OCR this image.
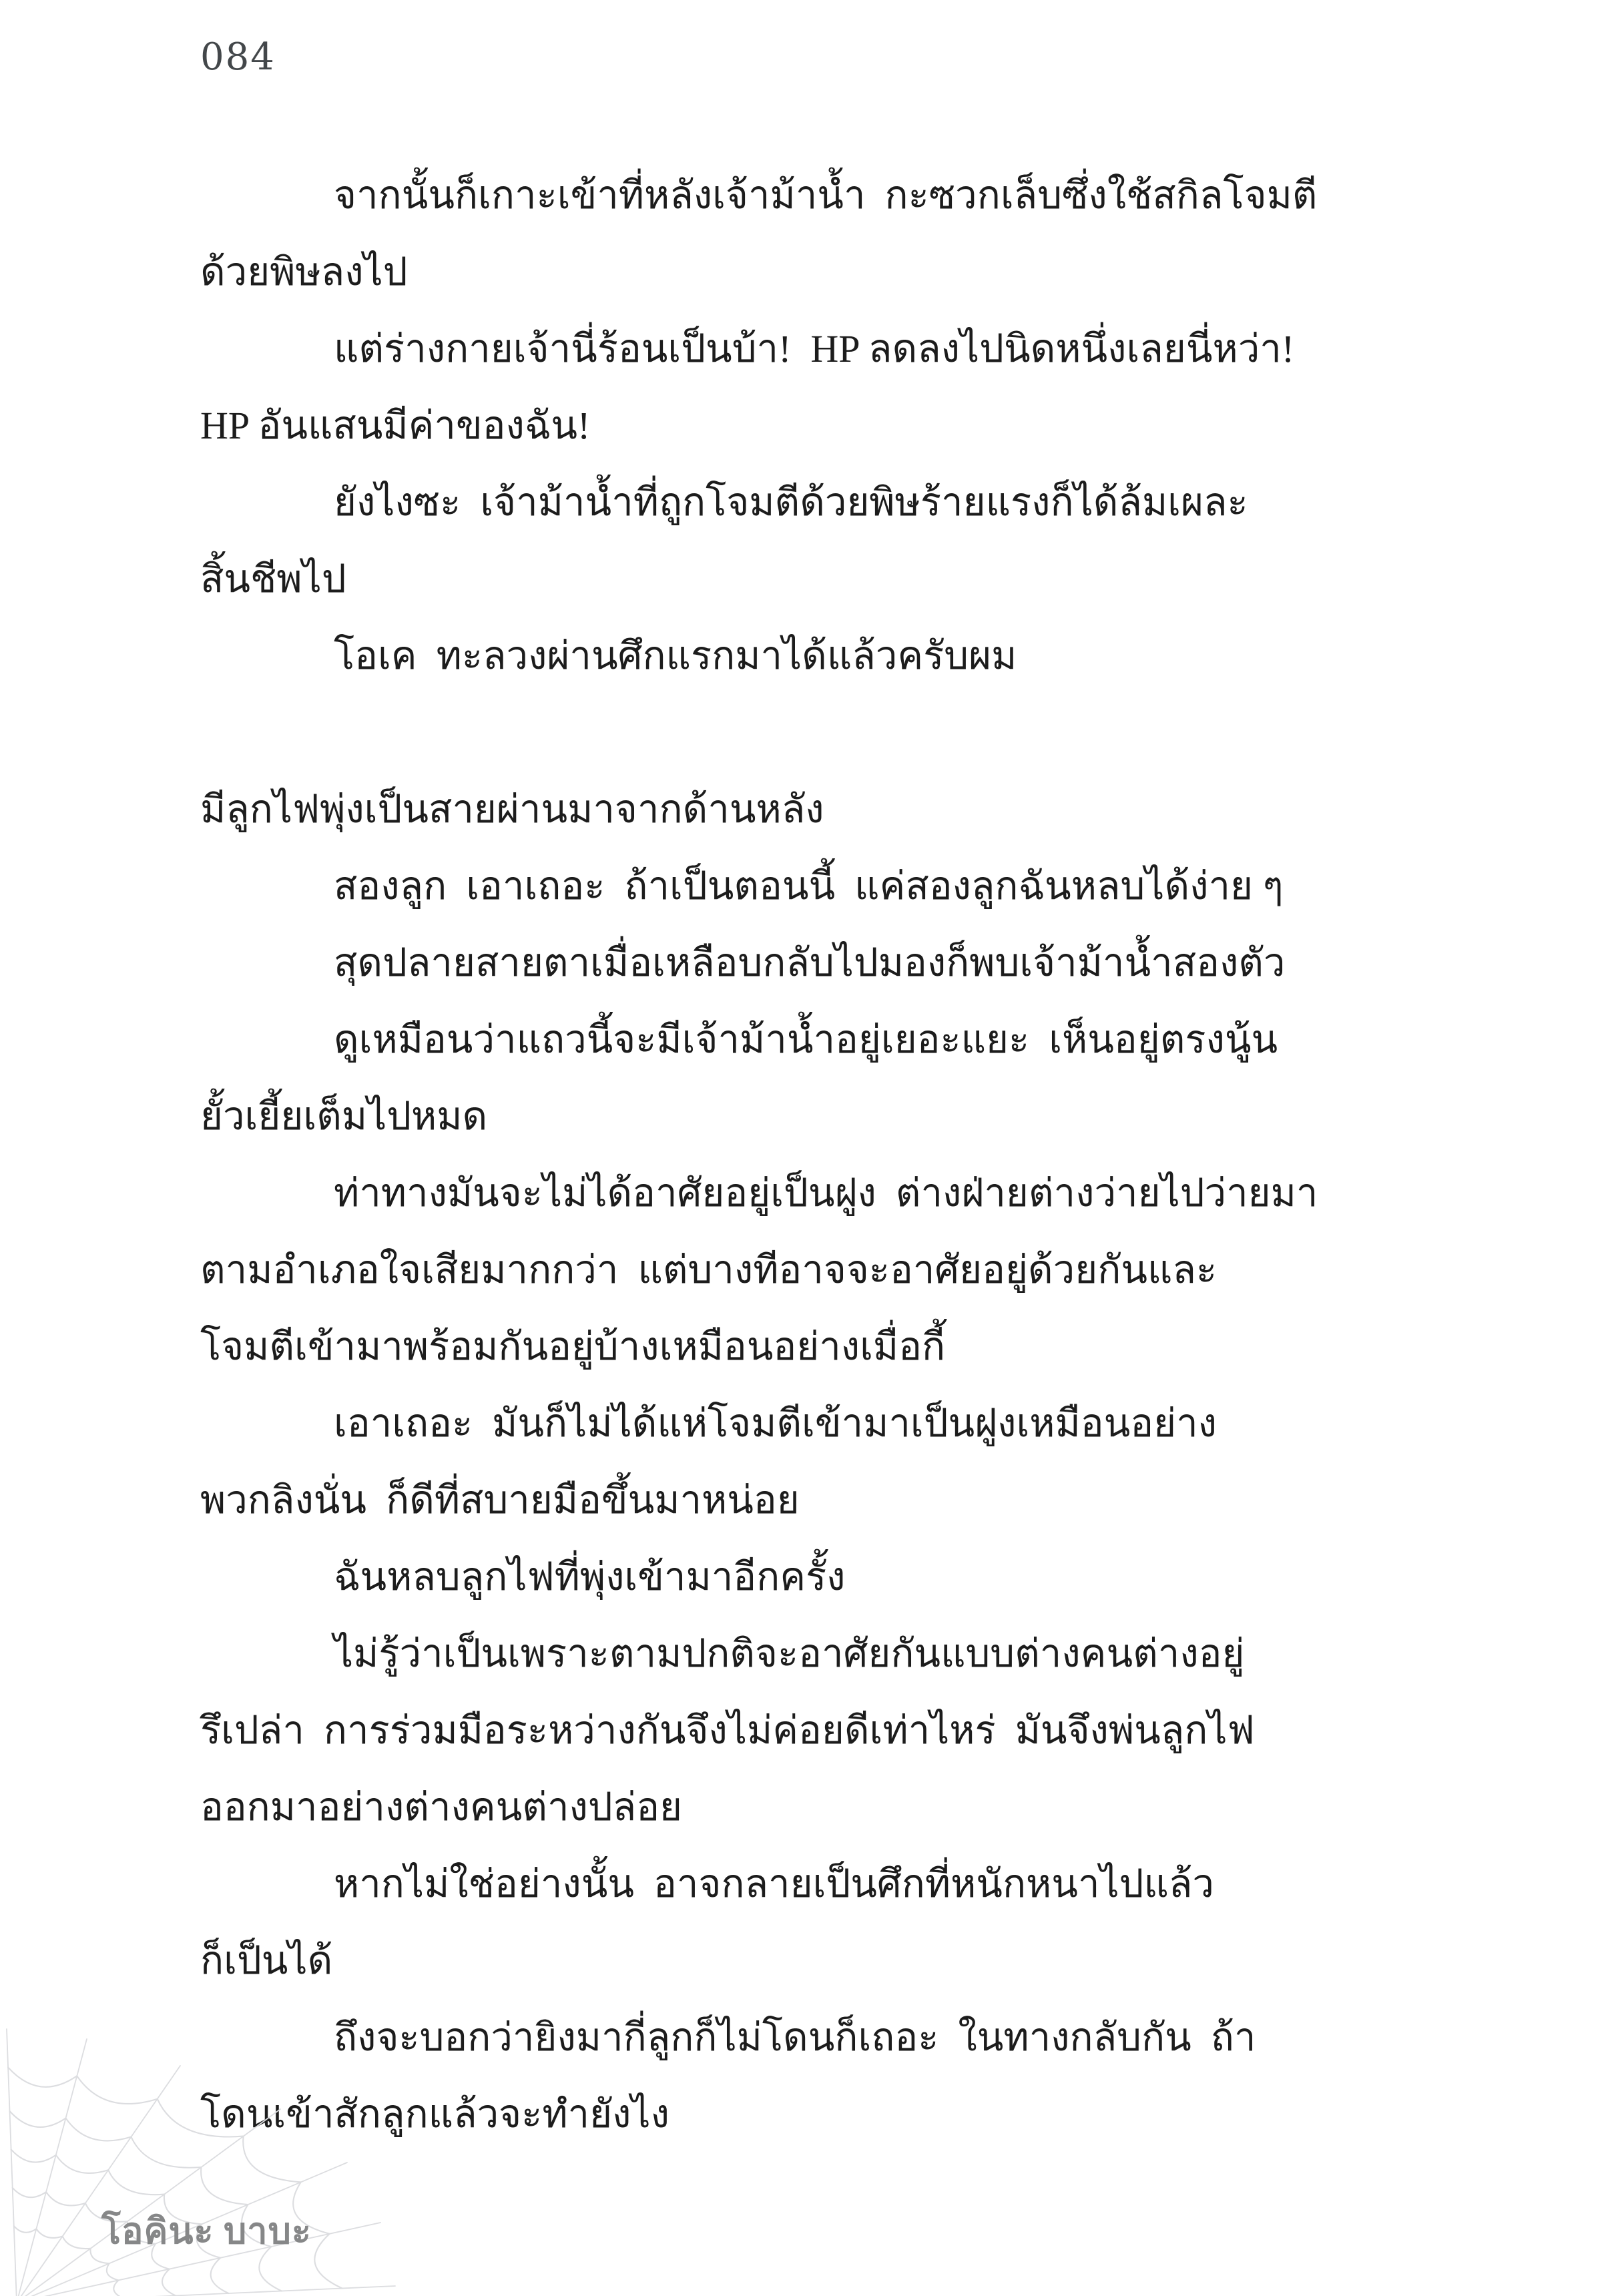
084
จากนั้นก็เกาะเข้าที่หลังเจ้าม้าน้ำ  กะซวกเล็บซึ่งใช้สกิลโจมตี
ด้วยพิษลงไป
แต่ร่างกายเจ้านี่ร้อนเป็นบ้า!  HP ลดลงไปนิดหนึ่งเลยนี่หว่า!
HP อันแสนมีค่าของฉัน!
ยังไงซะ  เจ้าม้าน้ำที่ถูกโจมตีด้วยพิษร้ายแรงก็ได้ล้มเผละ
สิ้นชีพไป
โอเค  ทะลวงผ่านศึกแรกมาได้แล้วครับผม
มีลูกไฟพุ่งเป็นสายผ่านมาจากด้านหลัง
สองลูก  เอาเถอะ  ถ้าเป็นตอนนี้  แค่สองลูกฉันหลบได้ง่าย ๆ
สุดปลายสายตาเมื่อเหลือบกลับไปมองก็พบเจ้าม้าน้ำสองตัว
ดูเหมือนว่าแถวนี้จะมีเจ้าม้าน้ำอยู่เยอะแยะ  เห็นอยู่ตรงนู้น
ยั้วเยี้ยเต็มไปหมด
ท่าทางมันจะไม่ได้อาศัยอยู่เป็นฝูง  ต่างฝ่ายต่างว่ายไปว่ายมา
ตามอำเภอใจเสียมากกว่า  แต่บางทีอาจจะอาศัยอยู่ด้วยกันและ
โจมตีเข้ามาพร้อมกันอยู่บ้างเหมือนอย่างเมื่อกี้
เอาเถอะ  มันก็ไม่ได้แห่โจมตีเข้ามาเป็นฝูงเหมือนอย่าง
พวกลิงนั่น  ก็ดีที่สบายมือขึ้นมาหน่อย
ฉันหลบลูกไฟที่พุ่งเข้ามาอีกครั้ง
ไม่รู้ว่าเป็นเพราะตามปกติจะอาศัยกันแบบต่างคนต่างอยู่
รึเปล่า  การร่วมมือระหว่างกันจึงไม่ค่อยดีเท่าไหร่  มันจึงพ่นลูกไฟ
ออกมาอย่างต่างคนต่างปล่อย
หากไม่ใช่อย่างนั้น  อาจกลายเป็นศึกที่หนักหนาไปแล้ว
ก็เป็นได้
ถึงจะบอกว่ายิงมากี่ลูกก็ไม่โดนก็เถอะ  ในทางกลับกัน  ถ้า
โดนเข้าสักลูกแล้วจะทำยังไง
โอคินะ บาบะ
